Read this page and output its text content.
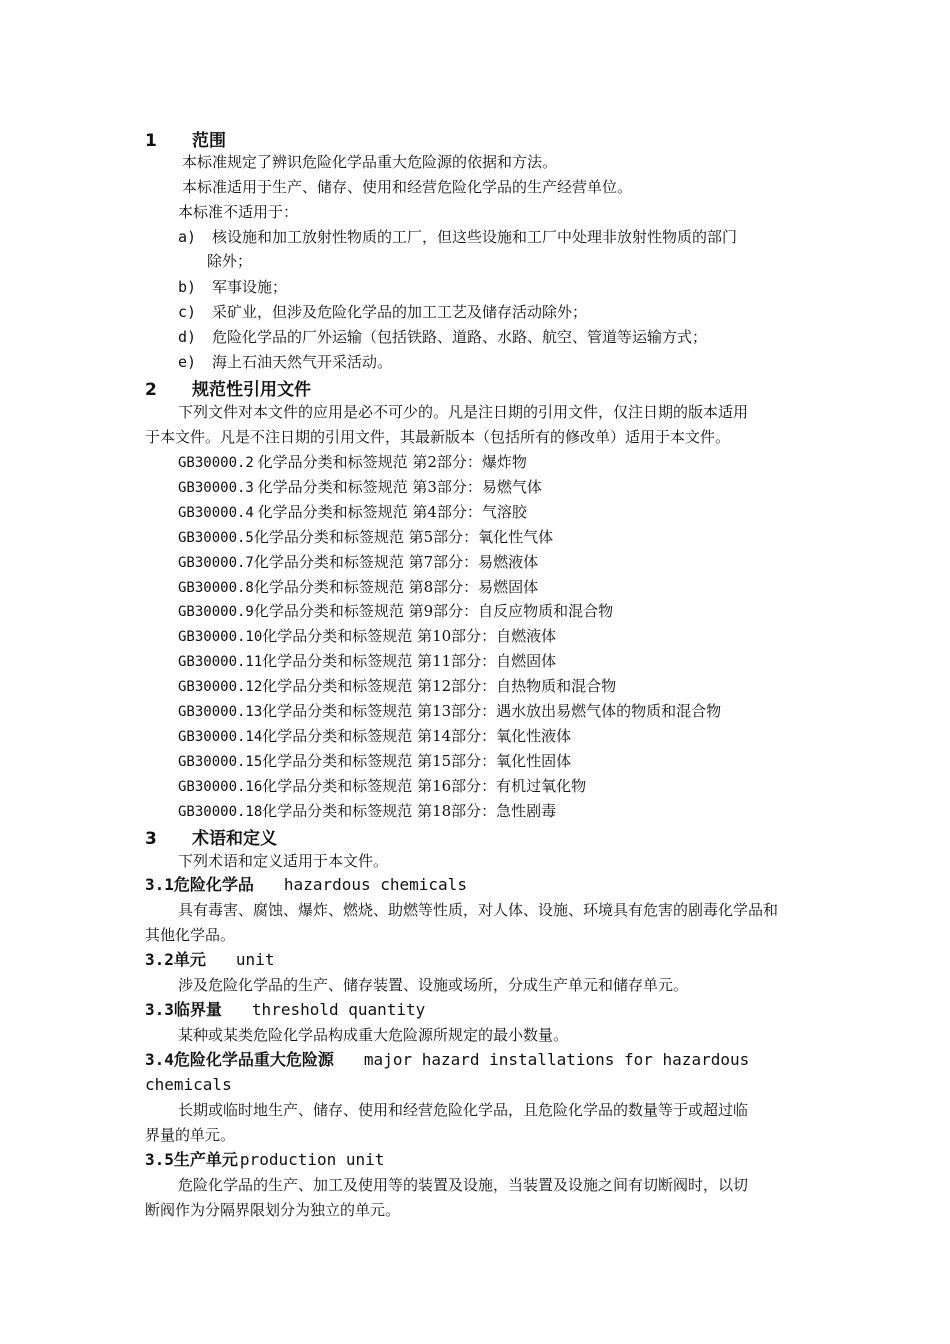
1 范围
本标准规定了辨识危险化学品重大危险源的依据和方法。
本标准适用于生产、储存、使用和经营危险化学品的生产经营单位。
本标准不适用于：
a) 核设施和加工放射性物质的工厂，但这些设施和工厂中处理非放射性物质的部门
除外；
b) 军事设施；
c) 采矿业，但涉及危险化学品的加工工艺及储存活动除外；
d) 危险化学品的厂外运输（包括铁路、道路、水路、航空、管道等运输方式；
e) 海上石油天然气开采活动。
2 规范性引用文件
下列文件对本文件的应用是必不可少的。凡是注日期的引用文件，仅注日期的版本适用
于本文件。凡是不注日期的引用文件，其最新版本（包括所有的修改单）适用于本文件。
GB30000.2 化学品分类和标签规范 第2部分：爆炸物
GB30000.3 化学品分类和标签规范 第3部分：易燃气体
GB30000.4 化学品分类和标签规范 第4部分：气溶胶
GB30000.5化学品分类和标签规范 第5部分：氧化性气体
GB30000.7化学品分类和标签规范 第7部分：易燃液体
GB30000.8化学品分类和标签规范 第8部分：易燃固体
GB30000.9化学品分类和标签规范 第9部分：自反应物质和混合物
GB30000.10化学品分类和标签规范 第10部分：自燃液体
GB30000.11化学品分类和标签规范 第11部分：自燃固体
GB30000.12化学品分类和标签规范 第12部分：自热物质和混合物
GB30000.13化学品分类和标签规范 第13部分：遇水放出易燃气体的物质和混合物
GB30000.14化学品分类和标签规范 第14部分：氧化性液体
GB30000.15化学品分类和标签规范 第15部分：氧化性固体
GB30000.16化学品分类和标签规范 第16部分：有机过氧化物
GB30000.18化学品分类和标签规范 第18部分：急性剧毒
3 术语和定义
下列术语和定义适用于本文件。
3.1危险化学品 hazardous chemicals
具有毒害、腐蚀、爆炸、燃烧、助燃等性质，对人体、设施、环境具有危害的剧毒化学品和
其他化学品。
3.2单元 unit
涉及危险化学品的生产、储存装置、设施或场所，分成生产单元和储存单元。
3.3临界量 threshold quantity
某种或某类危险化学品构成重大危险源所规定的最小数量。
3.4危险化学品重大危险源 major hazard installations for hazardous
chemicals
长期或临时地生产、储存、使用和经营危险化学品，且危险化学品的数量等于或超过临
界量的单元。
3.5生产单元 production unit
危险化学品的生产、加工及使用等的装置及设施，当装置及设施之间有切断阀时，以切
断阀作为分隔界限划分为独立的单元。
